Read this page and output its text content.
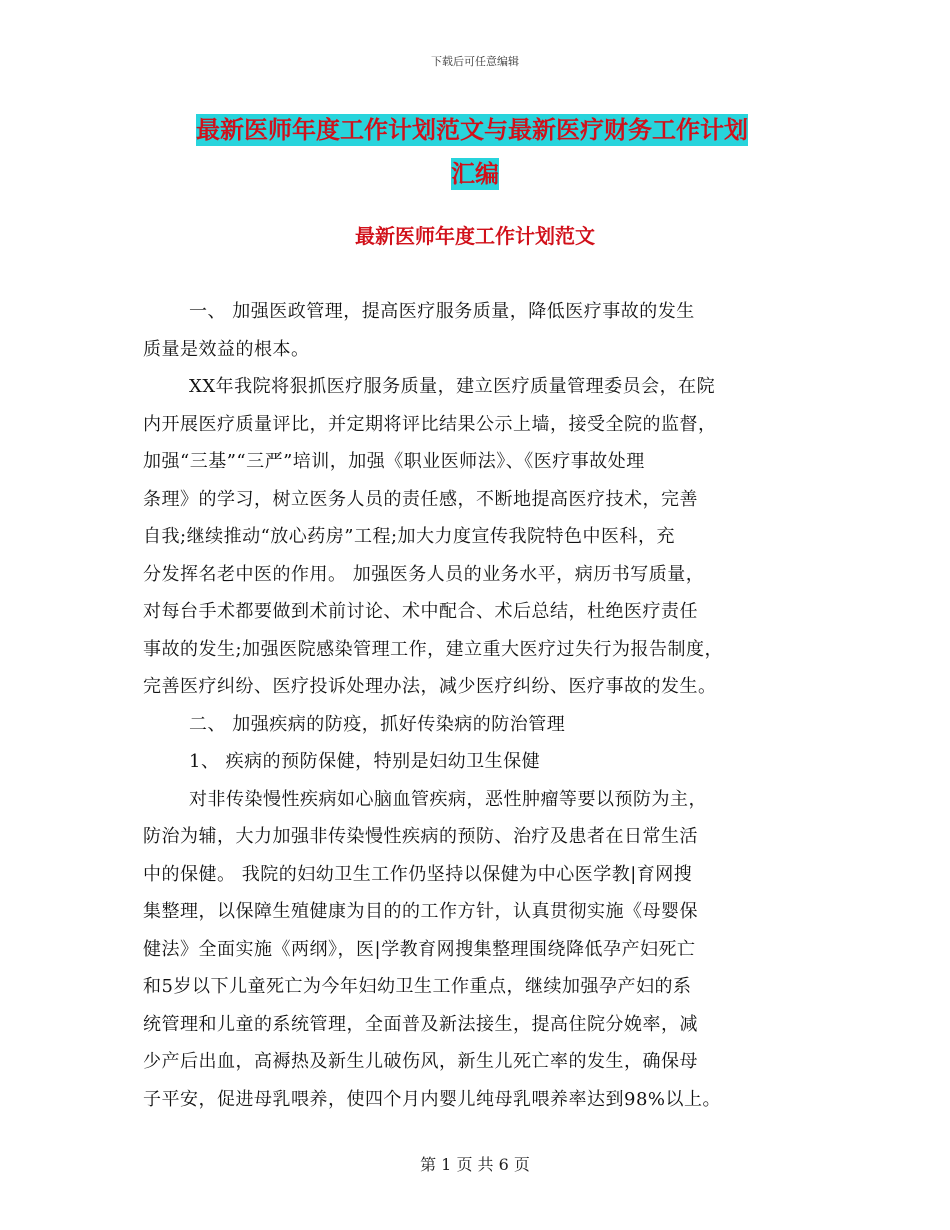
下载后可任意编辑
最新医师年度工作计划范文与最新医疗财务工作计划
汇编
最新医师年度工作计划范文
一、 加强医政管理，提高医疗服务质量，降低医疗事故的发生
质量是效益的根本。
XX年我院将狠抓医疗服务质量，建立医疗质量管理委员会，在院
内开展医疗质量评比，并定期将评比结果公示上墙，接受全院的监督，
加强“三基”“三严”培训，加强《职业医师法》、《医疗事故处理
条理》的学习，树立医务人员的责任感，不断地提高医疗技术，完善
自我;继续推动“放心药房”工程;加大力度宣传我院特色中医科，充
分发挥名老中医的作用。 加强医务人员的业务水平，病历书写质量，
对每台手术都要做到术前讨论、术中配合、术后总结，杜绝医疗责任
事故的发生;加强医院感染管理工作，建立重大医疗过失行为报告制度，
完善医疗纠纷、医疗投诉处理办法，减少医疗纠纷、医疗事故的发生。
二、 加强疾病的防疫，抓好传染病的防治管理
1、 疾病的预防保健，特别是妇幼卫生保健
对非传染慢性疾病如心脑血管疾病，恶性肿瘤等要以预防为主，
防治为辅，大力加强非传染慢性疾病的预防、治疗及患者在日常生活
中的保健。 我院的妇幼卫生工作仍坚持以保健为中心医学教|育网搜
集整理，以保障生殖健康为目的的工作方针，认真贯彻实施《母婴保
健法》全面实施《两纲》，医|学教育网搜集整理围绕降低孕产妇死亡
和5岁以下儿童死亡为今年妇幼卫生工作重点，继续加强孕产妇的系
统管理和儿童的系统管理，全面普及新法接生，提高住院分娩率，减
少产后出血，高褥热及新生儿破伤风，新生儿死亡率的发生，确保母
子平安，促进母乳喂养，使四个月内婴儿纯母乳喂养率达到98%以上。
第 1 页 共 6 页
